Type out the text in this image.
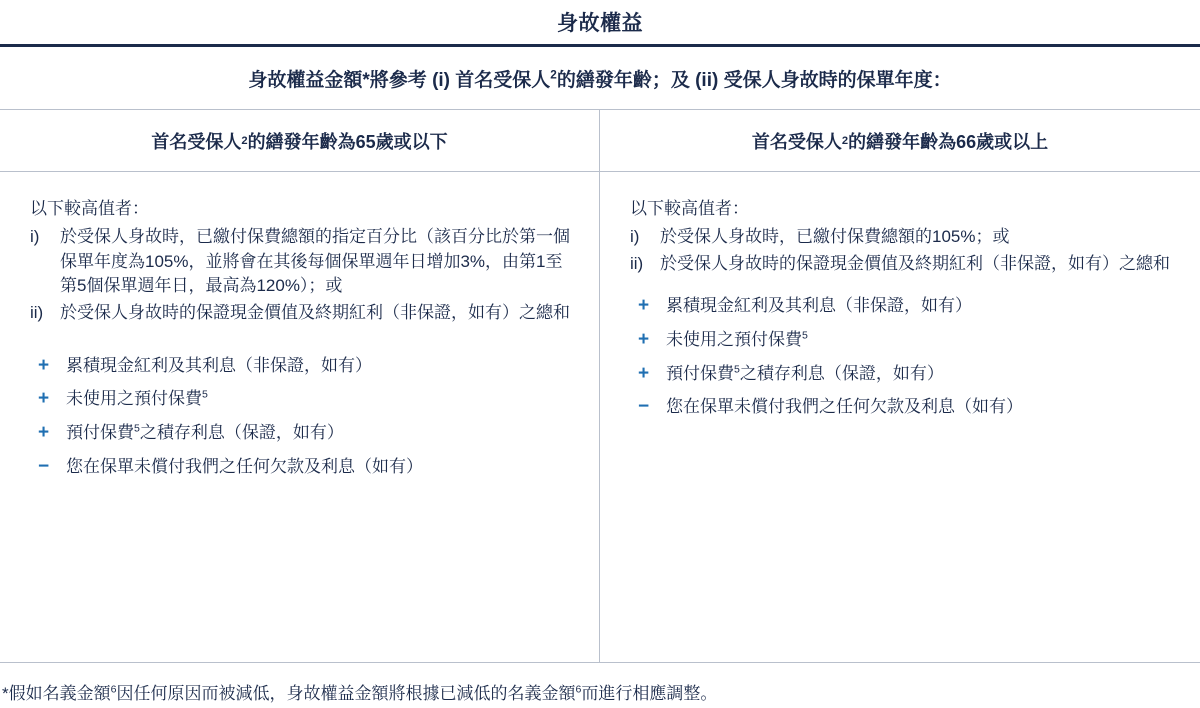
身故權益
身故權益金額*將參考 (i) 首名受保人$^2$的繕發年齡；及 (ii) 受保人身故時的保單年度：
首名受保人 2 的繕發年齡為65歲或以下

以下較高值者：

i)	於受保人身故時，已繳付保費總額的指定百分比（該百分比於第一個保單年度為105%，並將會在其後每個保單週年日增加3%，由第1至第5個保單週年日，最高為120%）；或
ii) 於受保人身故時的保證現金價值及終期紅利（非保證，如有）之總和
+ 累積現金紅利及其利息（非保證，如有）
+ 未使用之預付保費$^5$
+ 預付保費$^5$之積存利息（保證，如有）
− 您在保單未償付我們之任何欠款及利息（如有）
首名受保人 2 的繕發年齡為66歲或以上

以下較高值者：

i)	於受保人身故時，已繳付保費總額的105%；或
ii) 於受保人身故時的保證現金價值及終期紅利（非保證，如有）之總和
+ 累積現金紅利及其利息（非保證，如有）
+ 未使用之預付保費$^5$
+ 預付保費$^5$之積存利息（保證，如有）
− 您在保單未償付我們之任何欠款及利息（如有）
*假如名義金額$^6$因任何原因而被減低，身故權益金額將根據已減低的名義金額$^6$而進行相應調整。
